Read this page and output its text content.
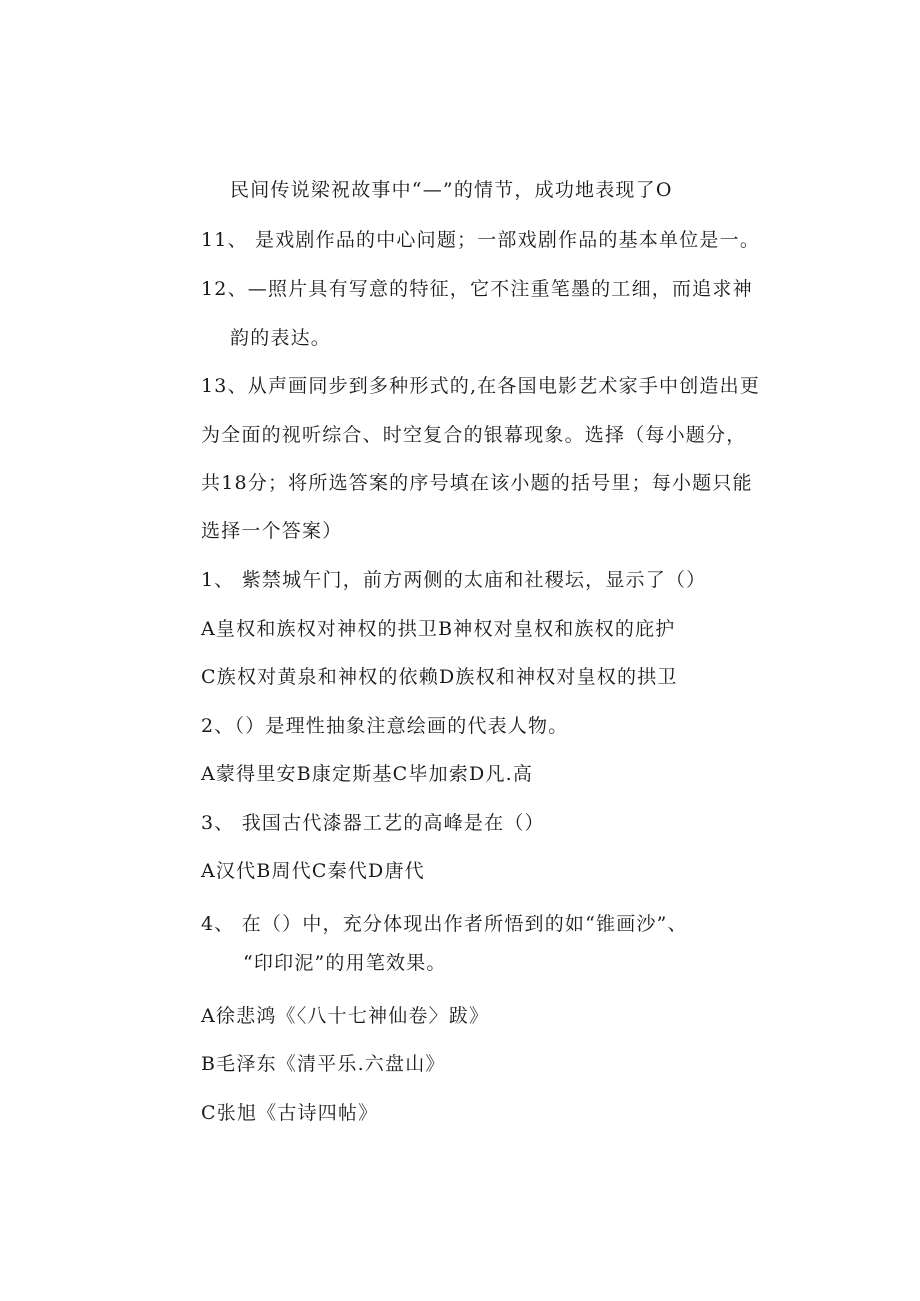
民间传说梁祝故事中“—”的情节，成功地表现了O
11、 是戏剧作品的中心问题；一部戏剧作品的基本单位是一。
12、—照片具有写意的特征，它不注重笔墨的工细，而追求神
韵的表达。
13、从声画同步到多种形式的,在各国电影艺术家手中创造出更
为全面的视听综合、时空复合的银幕现象。选择（每小题分，
共18分；将所选答案的序号填在该小题的括号里；每小题只能
选择一个答案）
1、 紫禁城午门，前方两侧的太庙和社稷坛，显示了（）
A皇权和族权对神权的拱卫B神权对皇权和族权的庇护
C族权对黄泉和神权的依赖D族权和神权对皇权的拱卫
2、（）是理性抽象注意绘画的代表人物。
A蒙得里安B康定斯基C毕加索D凡.高
3、 我国古代漆器工艺的高峰是在（）
A汉代B周代C秦代D唐代
4、 在（）中，充分体现出作者所悟到的如“锥画沙”、
“印印泥”的用笔效果。
A徐悲鸿《〈八十七神仙卷〉跋》
B毛泽东《清平乐.六盘山》
C张旭《古诗四帖》
